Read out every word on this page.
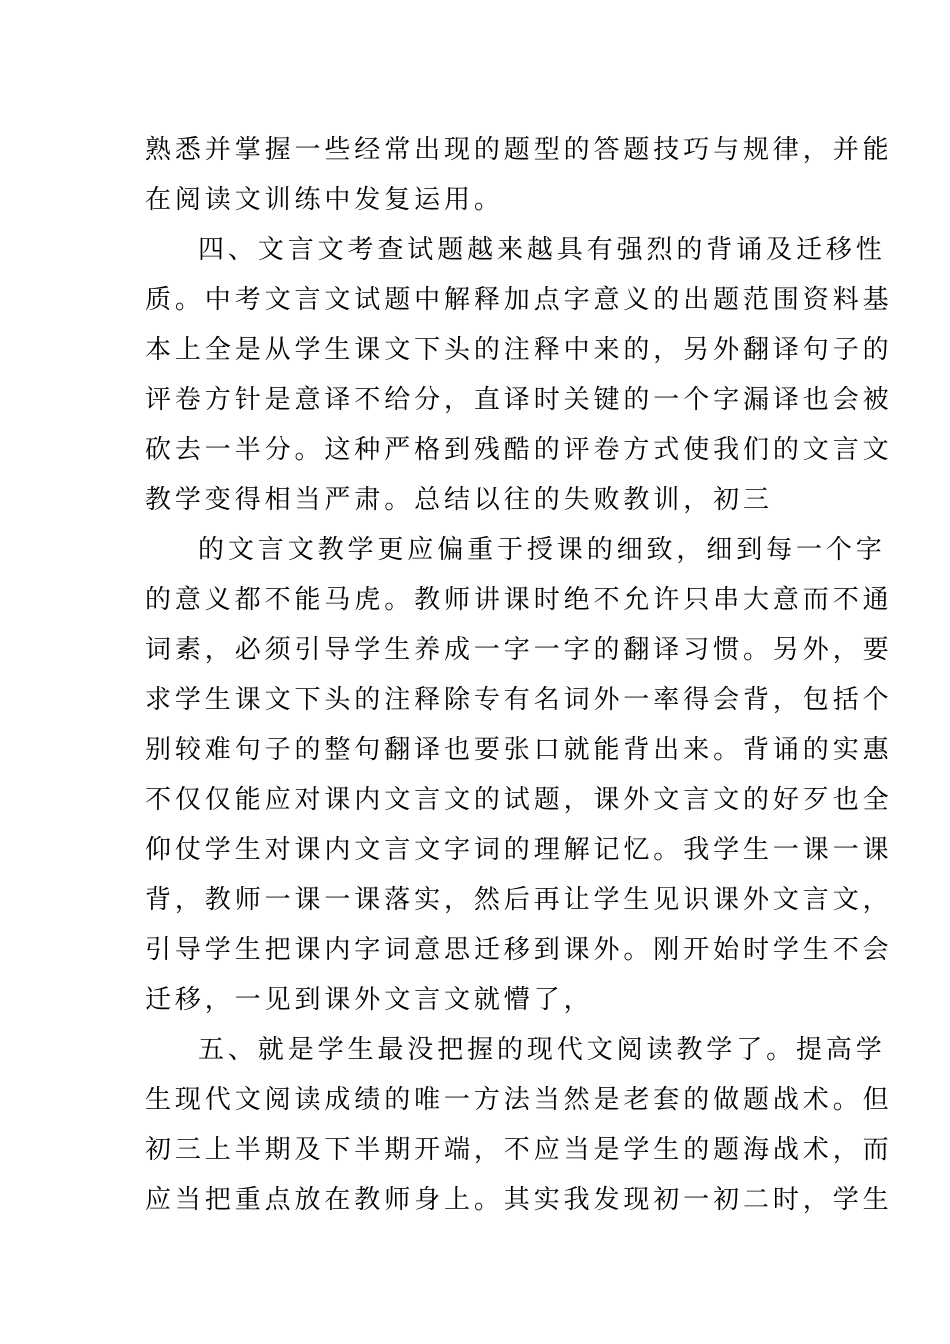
熟悉并掌握一些经常出现的题型的答题技巧与规律，并能
在阅读文训练中发复运用。
四、文言文考查试题越来越具有强烈的背诵及迁移性
质。中考文言文试题中解释加点字意义的出题范围资料基
本上全是从学生课文下头的注释中来的，另外翻译句子的
评卷方针是意译不给分，直译时关键的一个字漏译也会被
砍去一半分。这种严格到残酷的评卷方式使我们的文言文
教学变得相当严肃。总结以往的失败教训，初三
的文言文教学更应偏重于授课的细致，细到每一个字
的意义都不能马虎。教师讲课时绝不允许只串大意而不通
词素，必须引导学生养成一字一字的翻译习惯。另外，要
求学生课文下头的注释除专有名词外一率得会背，包括个
别较难句子的整句翻译也要张口就能背出来。背诵的实惠
不仅仅能应对课内文言文的试题，课外文言文的好歹也全
仰仗学生对课内文言文字词的理解记忆。我学生一课一课
背，教师一课一课落实，然后再让学生见识课外文言文，
引导学生把课内字词意思迁移到课外。刚开始时学生不会
迁移，一见到课外文言文就懵了，
五、就是学生最没把握的现代文阅读教学了。提高学
生现代文阅读成绩的唯一方法当然是老套的做题战术。但
初三上半期及下半期开端，不应当是学生的题海战术，而
应当把重点放在教师身上。其实我发现初一初二时，学生
